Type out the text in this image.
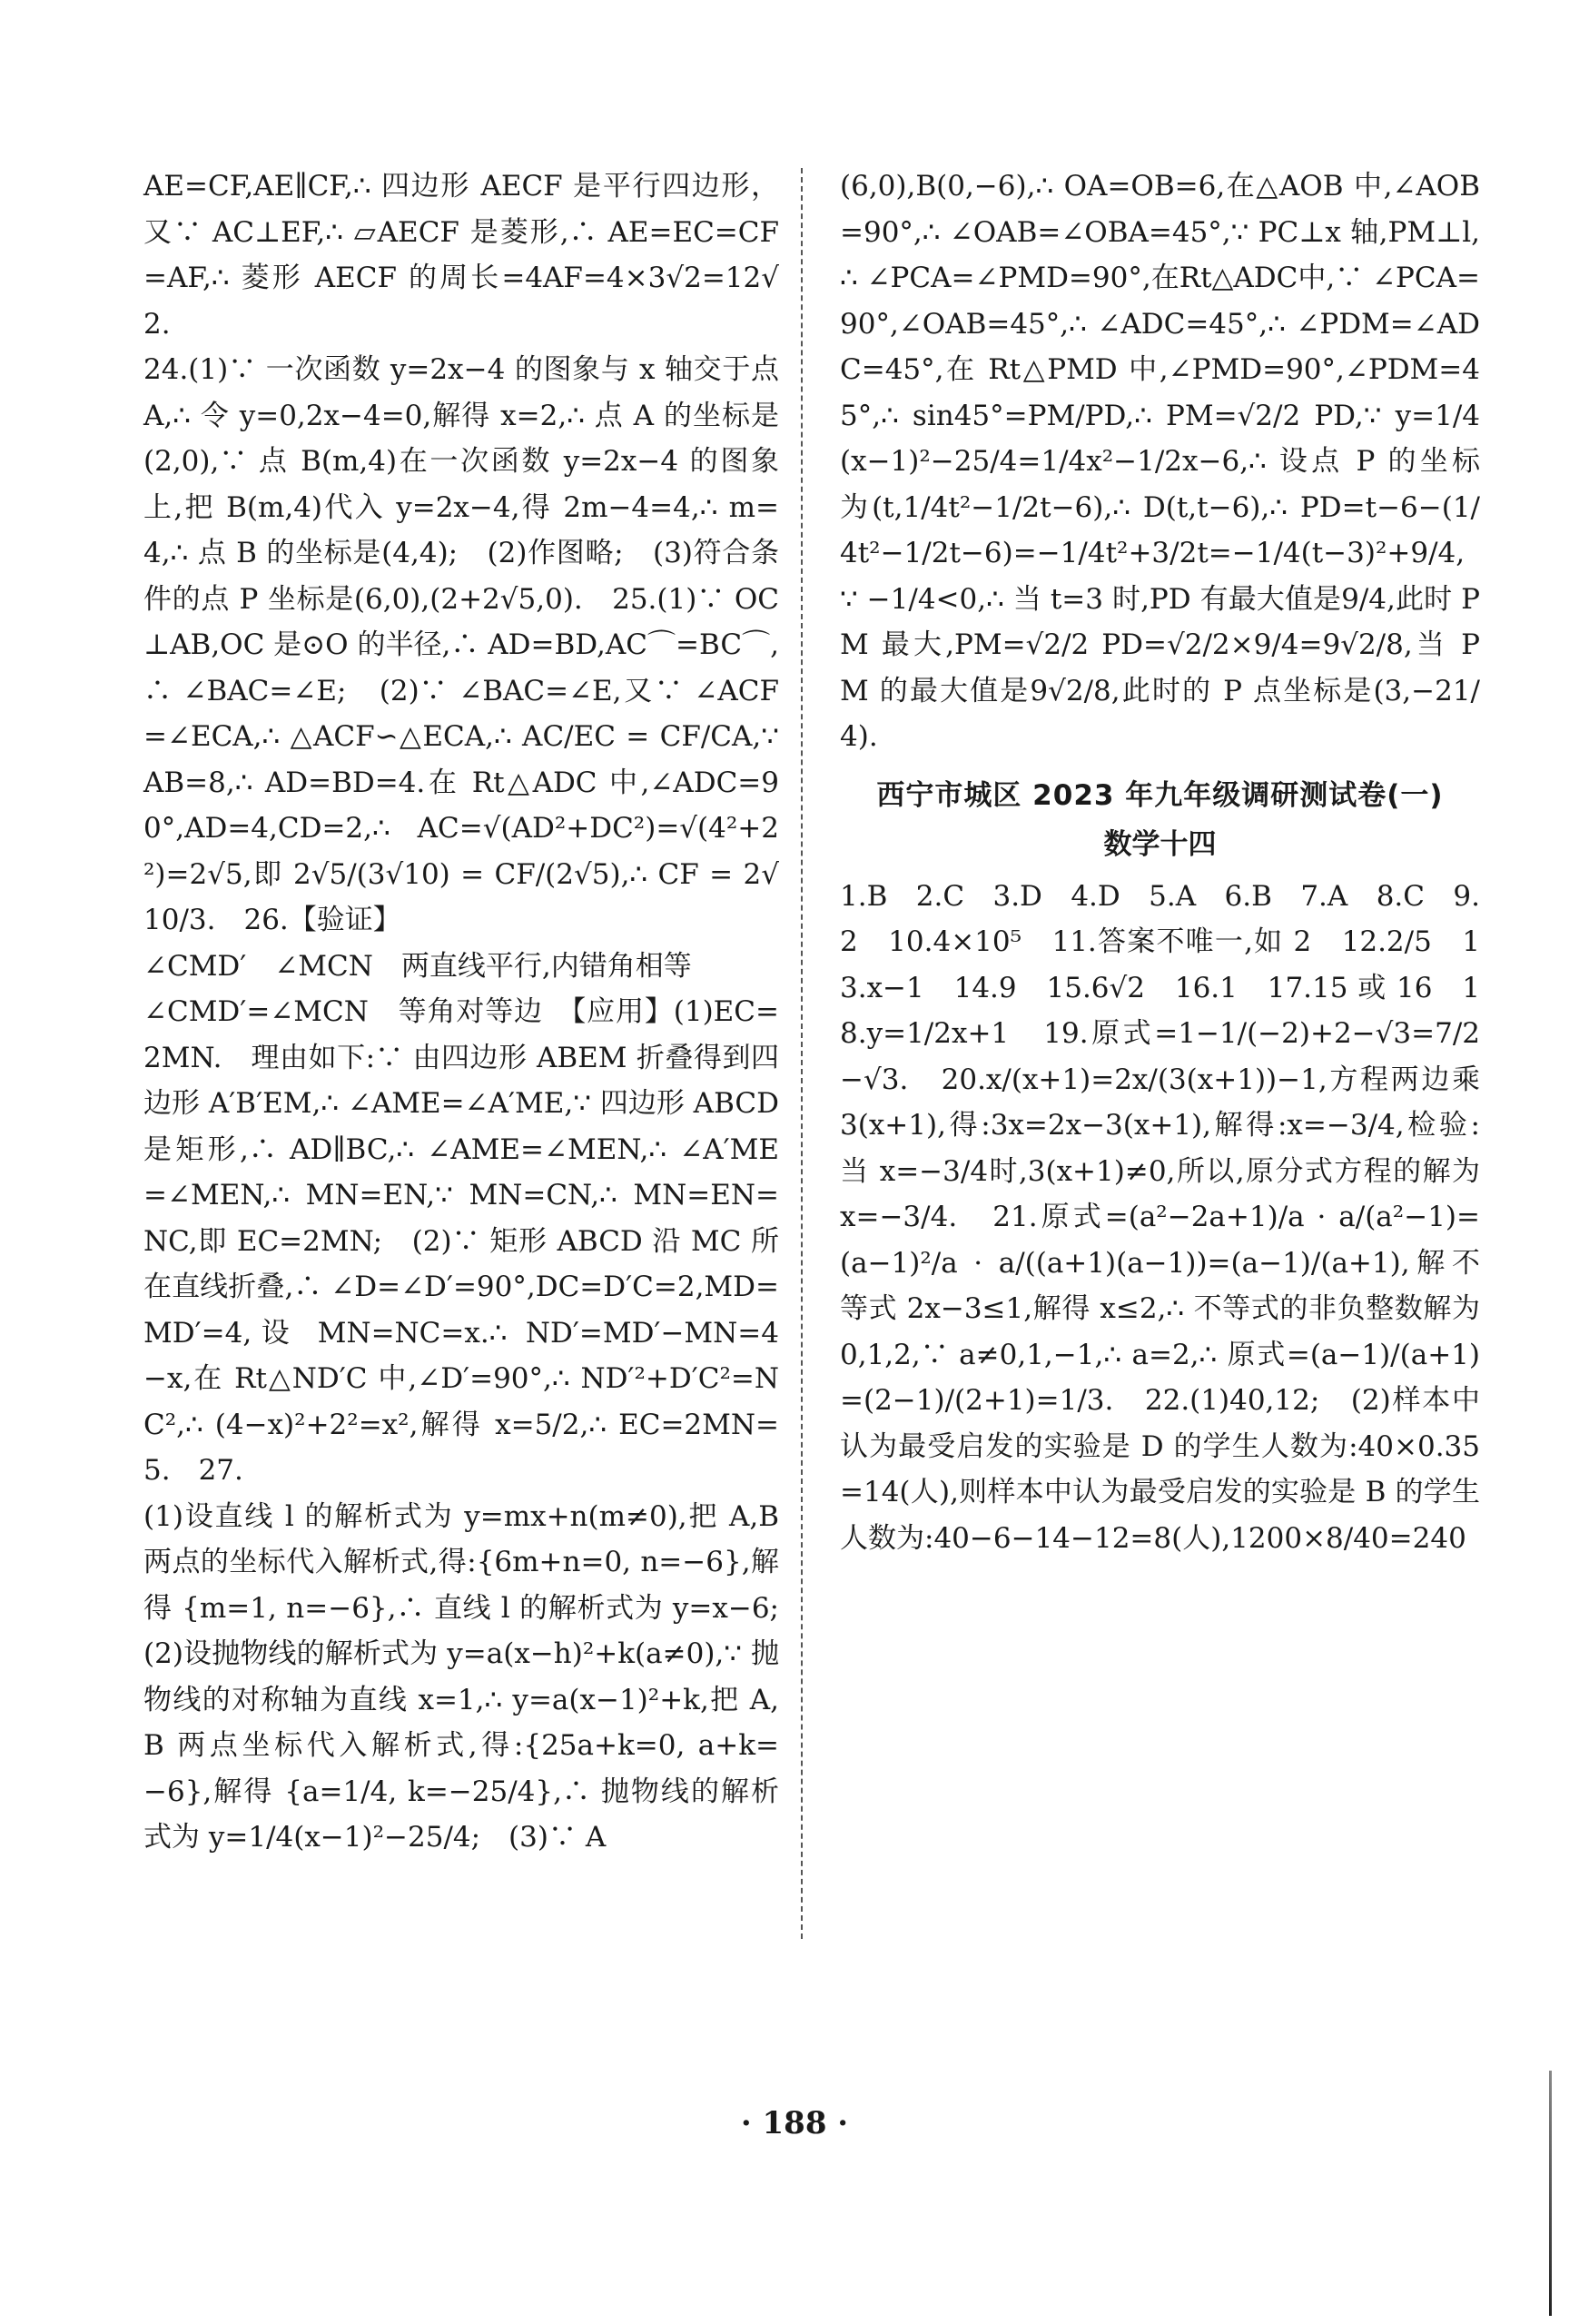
AE=CF,AE∥CF,∴ 四边形 AECF 是平行四边形，又∵ AC⊥EF,∴ ▱AECF 是菱形,∴ AE=EC=CF=AF,∴ 菱形 AECF 的周长=4AF=4×3√2=12√2.

24.(1)∵ 一次函数 y=2x−4 的图象与 x 轴交于点 A,∴ 令 y=0,2x−4=0,解得 x=2,∴ 点 A 的坐标是(2,0),∵ 点 B(m,4)在一次函数 y=2x−4 的图象上,把 B(m,4)代入 y=2x−4,得 2m−4=4,∴ m=4,∴ 点 B 的坐标是(4,4);　(2)作图略;　(3)符合条件的点 P 坐标是(6,0),(2+2√5,0).　25.(1)∵ OC⊥AB,OC 是⊙O 的半径,∴ AD=BD,AC⌒=BC⌒,∴ ∠BAC=∠E;　(2)∵ ∠BAC=∠E,又∵ ∠ACF=∠ECA,∴ △ACF∽△ECA,∴ AC/EC = CF/CA,∵ AB=8,∴ AD=BD=4.在 Rt△ADC 中,∠ADC=90°,AD=4,CD=2,∴ AC=√(AD²+DC²)=√(4²+2²)=2√5,即 2√5/(3√10) = CF/(2√5),∴ CF = 2√10/3.　26.【验证】

∠CMD′　∠MCN　两直线平行,内错角相等

∠CMD′=∠MCN　等角对等边　【应用】(1)EC=2MN.　理由如下:∵ 由四边形 ABEM 折叠得到四边形 A′B′EM,∴ ∠AME=∠A′ME,∵ 四边形 ABCD 是矩形,∴ AD∥BC,∴ ∠AME=∠MEN,∴ ∠A′ME=∠MEN,∴ MN=EN,∵ MN=CN,∴ MN=EN=NC,即 EC=2MN;　(2)∵ 矩形 ABCD 沿 MC 所在直线折叠,∴ ∠D=∠D′=90°,DC=D′C=2,MD=MD′=4,设 MN=NC=x.∴ ND′=MD′−MN=4−x,在 Rt△ND′C 中,∠D′=90°,∴ ND′²+D′C²=NC²,∴ (4−x)²+2²=x²,解得 x=5/2,∴ EC=2MN=5.　27.

(1)设直线 l 的解析式为 y=mx+n(m≠0),把 A,B 两点的坐标代入解析式,得:{6m+n=0, n=−6},解得 {m=1, n=−6},∴ 直线 l 的解析式为 y=x−6;　(2)设抛物线的解析式为 y=a(x−h)²+k(a≠0),∵ 抛物线的对称轴为直线 x=1,∴ y=a(x−1)²+k,把 A,B 两点坐标代入解析式,得:{25a+k=0, a+k=−6},解得 {a=1/4, k=−25/4},∴ 抛物线的解析式为 y=1/4(x−1)²−25/4;　(3)∵ A

(6,0),B(0,−6),∴ OA=OB=6,在△AOB 中,∠AOB=90°,∴ ∠OAB=∠OBA=45°,∵ PC⊥x 轴,PM⊥l,∴ ∠PCA=∠PMD=90°,在Rt△ADC中,∵ ∠PCA=90°,∠OAB=45°,∴ ∠ADC=45°,∴ ∠PDM=∠ADC=45°,在 Rt△PMD 中,∠PMD=90°,∠PDM=45°,∴ sin45°=PM/PD,∴ PM=√2/2 PD,∵ y=1/4(x−1)²−25/4=1/4x²−1/2x−6,∴ 设点 P 的坐标为(t,1/4t²−1/2t−6),∴ D(t,t−6),∴ PD=t−6−(1/4t²−1/2t−6)=−1/4t²+3/2t=−1/4(t−3)²+9/4,∵ −1/4<0,∴ 当 t=3 时,PD 有最大值是9/4,此时 PM 最大,PM=√2/2 PD=√2/2×9/4=9√2/8,当 PM 的最大值是9√2/8,此时的 P 点坐标是(3,−21/4).

西宁市城区 2023 年九年级调研测试卷(一)
数学十四

1.B　2.C　3.D　4.D　5.A　6.B　7.A　8.C　9.2　10.4×10⁵　11.答案不唯一,如 2　12.2/5　13.x−1　14.9　15.6√2　16.1　17.15 或 16　18.y=1/2x+1　19.原式=1−1/(−2)+2−√3=7/2−√3.　20.x/(x+1)=2x/(3(x+1))−1,方程两边乘 3(x+1),得:3x=2x−3(x+1),解得:x=−3/4,检验:当 x=−3/4时,3(x+1)≠0,所以,原分式方程的解为 x=−3/4.　21.原式=(a²−2a+1)/a · a/(a²−1)=(a−1)²/a · a/((a+1)(a−1))=(a−1)/(a+1),解不等式 2x−3≤1,解得 x≤2,∴ 不等式的非负整数解为 0,1,2,∵ a≠0,1,−1,∴ a=2,∴ 原式=(a−1)/(a+1)=(2−1)/(2+1)=1/3.　22.(1)40,12;　(2)样本中认为最受启发的实验是 D 的学生人数为:40×0.35=14(人),则样本中认为最受启发的实验是 B 的学生人数为:40−6−14−12=8(人),1200×8/40=240

· 188 ·
